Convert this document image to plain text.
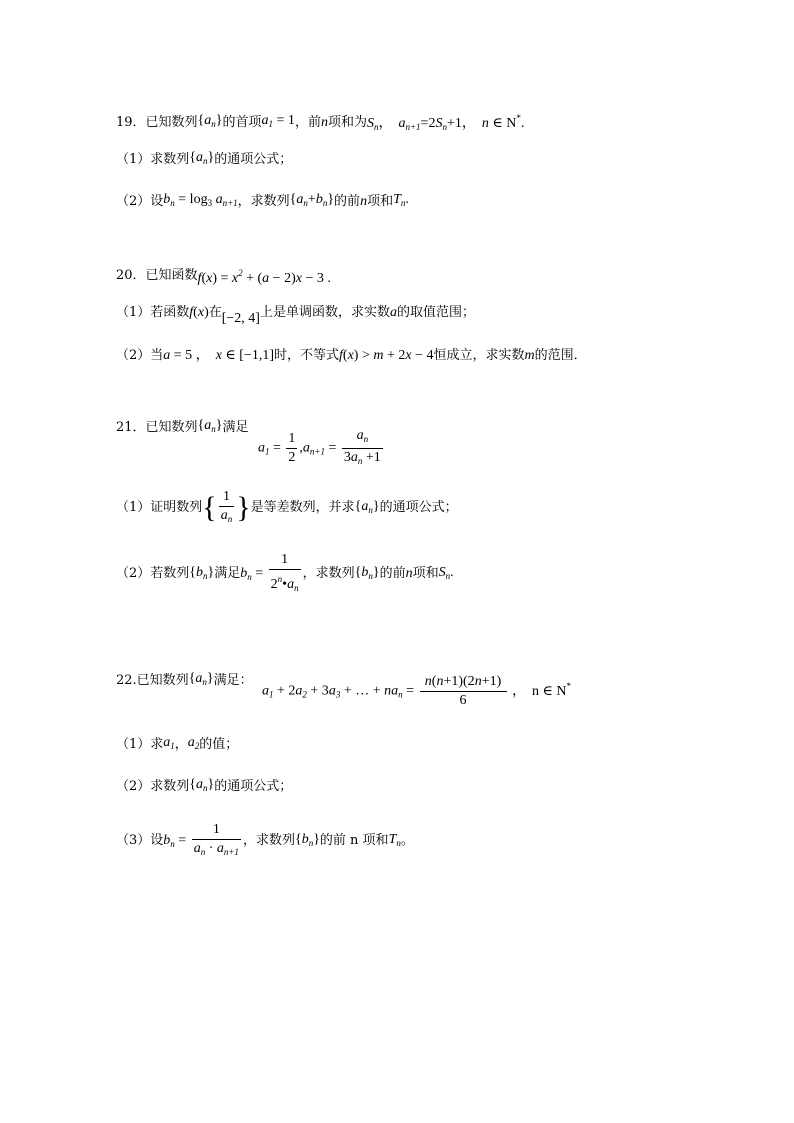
19．已知数列 $\{a_n\}$ 的首项 $a_1 = 1$ ，前 n 项和为 $S_n$， $a_{n+1}=2S_n+1$， n ∈ N*.
（1）求数列 $\{a_n\}$ 的通项公式；
（2）设 $b_n = \log_3 a_{n+1}$ ，求数列 $\{a_n+b_n\}$ 的前 n 项和 $T_n$.
20．已知函数 $f(x) = x^2 + (a - 2)x - 3$ .
（1）若函数 f(x) 在 [−2, 4] 上是单调函数，求实数 a 的取值范围；
（2）当 a = 5 ， x ∈ [−1,1] 时，不等式 f(x) > m + 2x − 4 恒成立，求实数 m 的范围．
21．已知数列 $\{a_n\}$ 满足
$a_1 = \frac{1}{2} ,a_{n+1} = \frac{a_n}{3a_n +1}$
（1）证明数列 { $\frac{1}{a_n}$ } 是等差数列，并求 $\{a_n\}$ 的通项公式；
（2）若数列 $\{b_n\}$ 满足 $b_n = \frac{1}{2^n•a_n}$ ，求数列 $\{b_n\}$ 的前 n 项和 $S_n$.
22.已知数列 $\{a_n\}$ 满足：
$a_1 + 2a_2 + 3a_3$ + … + $na_n = \frac{n(n+1)(2n+1)}{6}$ ， n ∈ N*
（1）求 $a_1$ ， $a_2$ 的值；
（2）求数列 $\{a_n\}$ 的通项公式；
（3）设 $b_n = \frac{1}{a_n \cdot a_{n+1}}$ ，求数列 $\{b_n\}$ 的前 n 项和 $T_n$ 。
